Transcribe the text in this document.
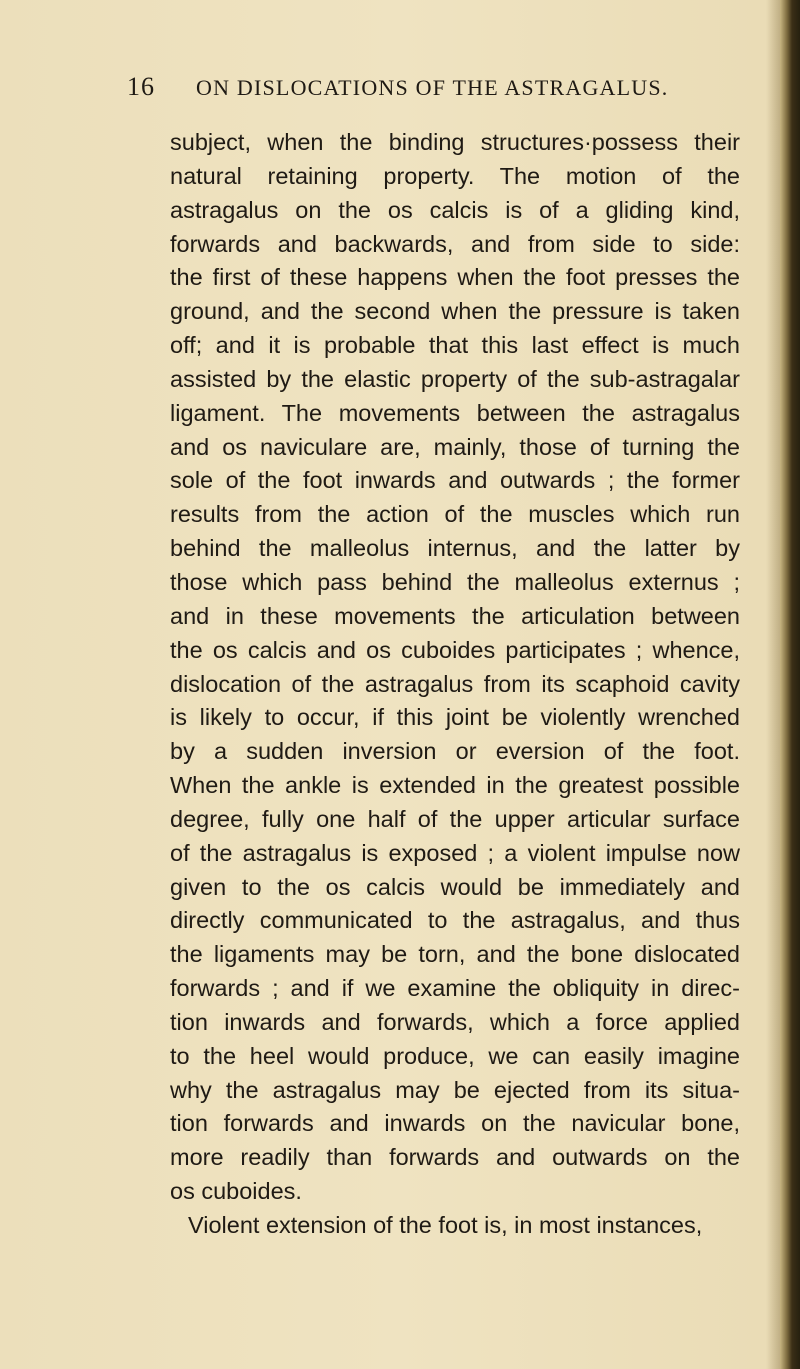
16 ON DISLOCATIONS OF THE ASTRAGALUS.
subject, when the binding structures·possess their
natural retaining property. The motion of the
astragalus on the os calcis is of a gliding kind,
forwards and backwards, and from side to side:
the first of these happens when the foot presses the
ground, and the second when the pressure is taken
off; and it is probable that this last effect is much
assisted by the elastic property of the sub-astragalar
ligament. The movements between the astragalus
and os naviculare are, mainly, those of turning the
sole of the foot inwards and outwards ; the former
results from the action of the muscles which run
behind the malleolus internus, and the latter by
those which pass behind the malleolus externus ;
and in these movements the articulation between
the os calcis and os cuboides participates ; whence,
dislocation of the astragalus from its scaphoid cavity
is likely to occur, if this joint be violently wrenched
by a sudden inversion or eversion of the foot.
When the ankle is extended in the greatest possible
degree, fully one half of the upper articular surface
of the astragalus is exposed ; a violent impulse now
given to the os calcis would be immediately and
directly communicated to the astragalus, and thus
the ligaments may be torn, and the bone dislocated
forwards ; and if we examine the obliquity in direc-
tion inwards and forwards, which a force applied
to the heel would produce, we can easily imagine
why the astragalus may be ejected from its situa-
tion forwards and inwards on the navicular bone,
more readily than forwards and outwards on the
os cuboides.
Violent extension of the foot is, in most instances,
